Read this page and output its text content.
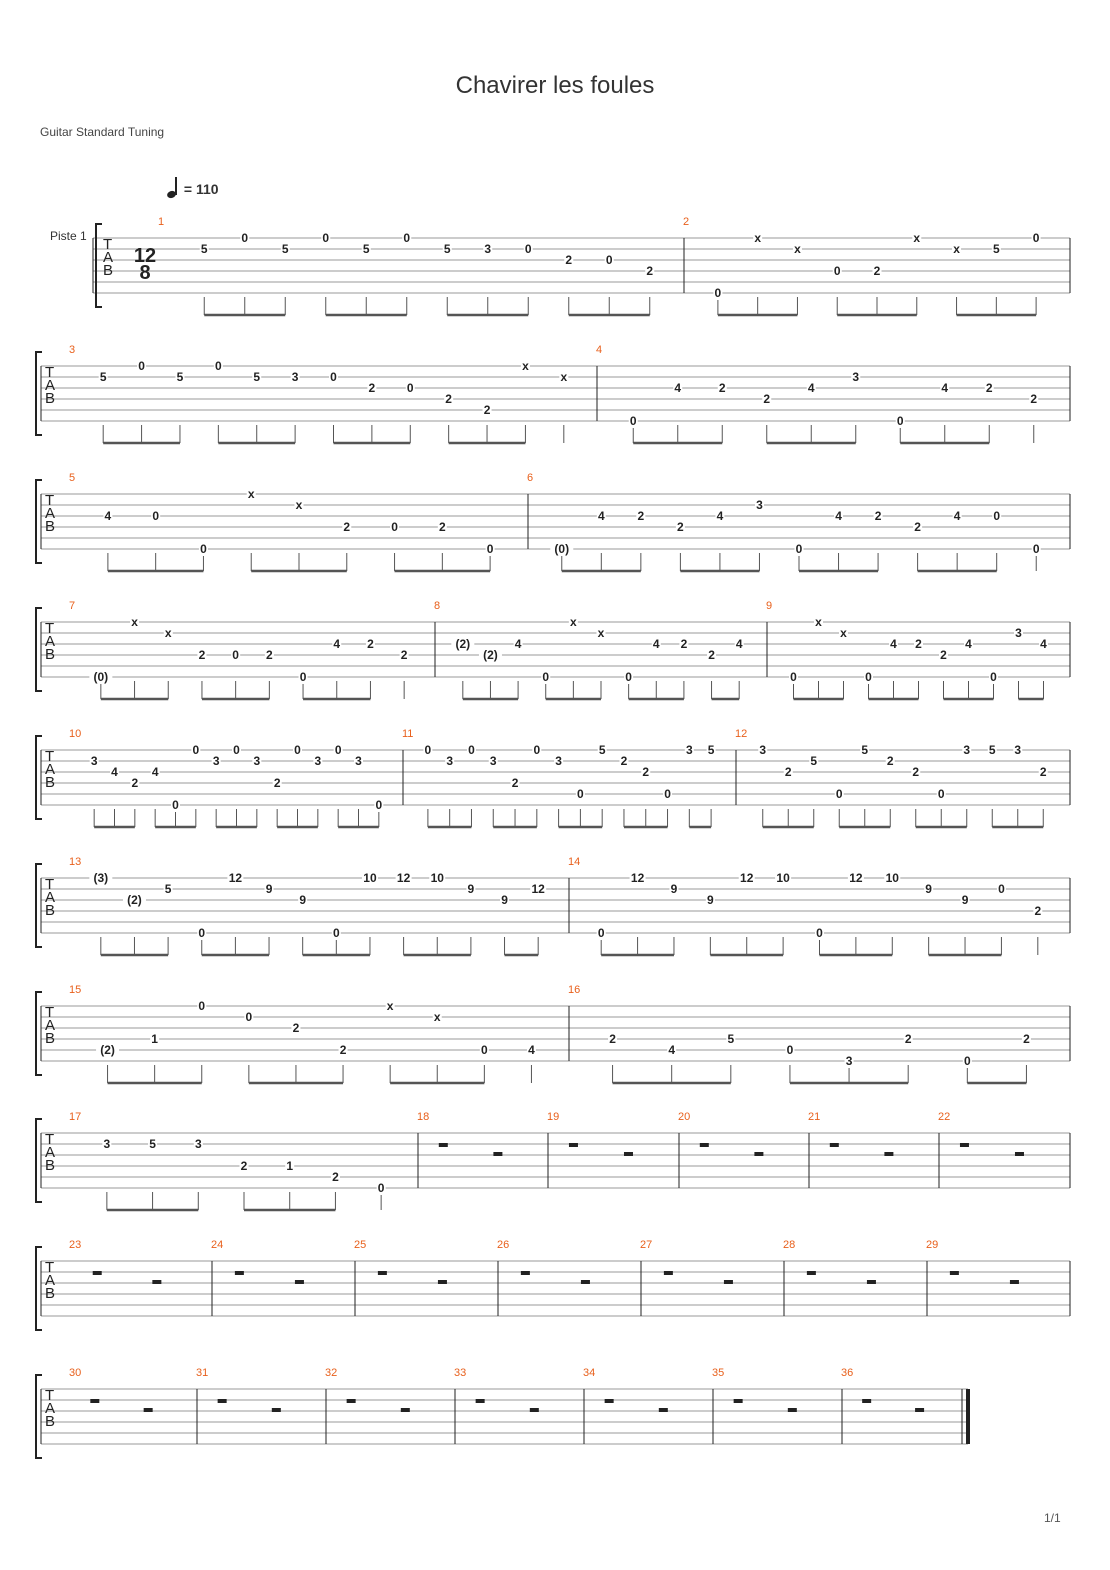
Chavirer les foules
Guitar Standard Tuning
= 110
Piste 1 T
A
B
12
8
1
5
0
5
0
5
0
5	3	0
2	0
2
2
0
x
x
0	2
x
x	5
0
T
A
B
3
5
0
5
0
5	3	0
2	0
2
2
x
x
4
0
4	2
2
4
3
0
4	2
2
T
A
B
5
4	0
0
x
x
2	0	2
0
6
(0)
4	2
2
4
3
0
4	2
2
4	0
0
T
A
B
7
(0)
x
x
2 0 2
0
4 2
2
8
(2)
(2)
4
0
x
x
0
4 2
2
4
9
0
x
x
0
4 2
2
4
0
3
4
T
A
B
10
3
4
2
4
0
0
3
0
3
2
0
3
0
3
0
11
0
3
0
3
2
0
3
0
5
2
2
0
3 5
12
3
2
5
0
5
2
2
0
3 5 3
2
T
A
B
13
(3)
(2)
5
0
12
9
9
0
10 12 10
9
9
12
14
0
12
9
9
12 10
0
12 10
9
9
0
2
T
A
B
15
(2)
1
0
0
2
2
x
x
0	4
16
2
4
5
0
3
2
0
2
T
A
B
17
3	5	3
2	1
2
0
18	19	20	21	22
T
A
B
23	24	25	26	27	28	29
T
A
B
30	31	32	33	34	35	36
1/1
